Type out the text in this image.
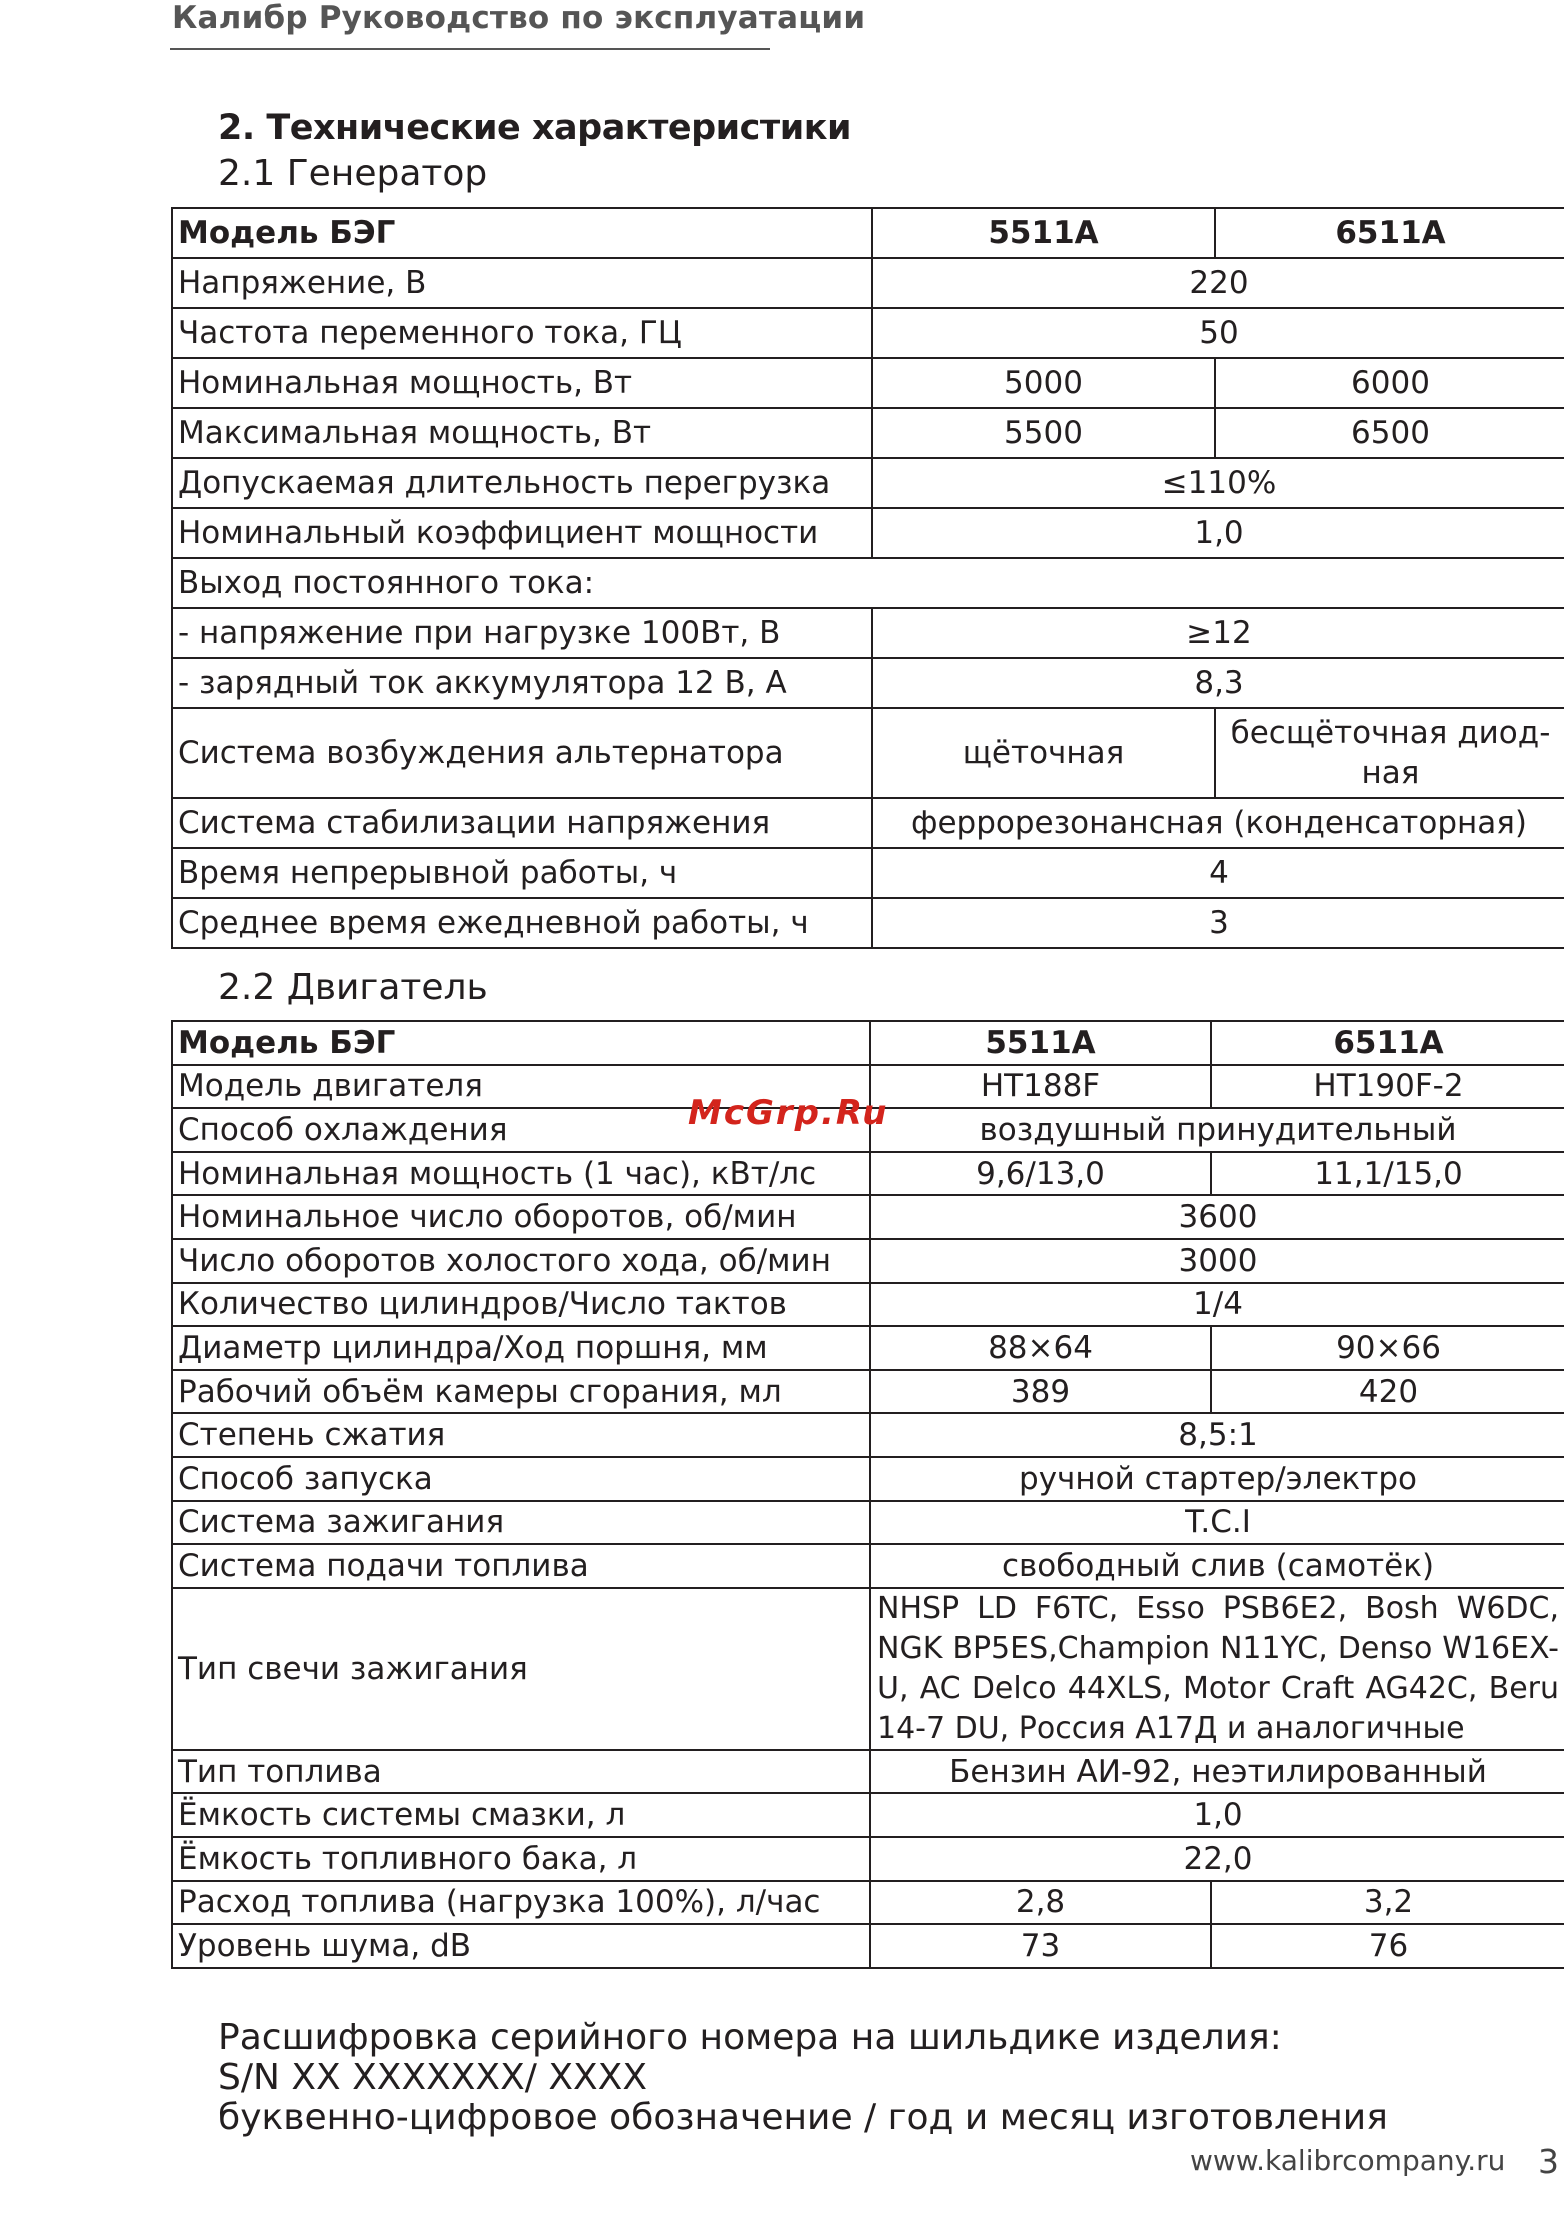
Калибр Руководство по эксплуатации
2. Технические характеристики
2.1 Генератор
Модель БЭГ	5511А	6511А
Напряжение, В	220	
Частота переменного тока, ГЦ	50	
Номинальная мощность, Вт	5000	6000
Максимальная мощность, Вт	5500	6500
Допускаемая длительность перегрузка	≤110%	
Номинальный коэффициент мощности	1,0	
Выход постоянного тока:		
- напряжение при нагрузке 100Вт, В	≥12	
- зарядный ток аккумулятора 12 В, А	8,3	
Система возбуждения альтернатора	щёточная	бесщёточная диод-ная
Система стабилизации напряжения	феррорезонансная (конденсаторная)	
Время непрерывной работы, ч	4	
Среднее время ежедневной работы, ч	3	
2.2 Двигатель
Модель БЭГ	5511А	6511А
Модель двигателя	HT188F	HT190F-2
Способ охлаждения	воздушный принудительный	
Номинальная мощность (1 час), кВт/лс	9,6/13,0	11,1/15,0
Номинальное число оборотов, об/мин	3600	
Число оборотов холостого хода, об/мин	3000	
Количество цилиндров/Число тактов	1/4	
Диаметр цилиндра/Ход поршня, мм	88×64	90×66
Рабочий объём камеры сгорания, мл	389	420
Степень сжатия	8,5:1	
Способ запуска	ручной стартер/электро	
Система зажигания	T.C.I	
Система подачи топлива	свободный слив (самотёк)	
Тип свечи зажигания	NHSP LD F6TC, Esso PSB6E2, Bosh W6DC, NGK BP5ES,Champion N11YC, Denso W16EX-U, AC Delco 44XLS, Motor Craft AG42C, Beru 14-7 DU, Россия А17Д и аналогичные	
Тип топлива	Бензин АИ-92, неэтилированный	
Ёмкость системы смазки, л	1,0	
Ёмкость топливного бака, л	22,0	
Расход топлива (нагрузка 100%), л/час	2,8	3,2
Уровень шума, dB	73	76
McGrp.Ru
Расшифровка серийного номера на шильдике изделия:
S/N XX XXXXXXX/ XXXX
буквенно-цифровое обозначение / год и месяц изготовления
www.kalibrcompany.ru 3
